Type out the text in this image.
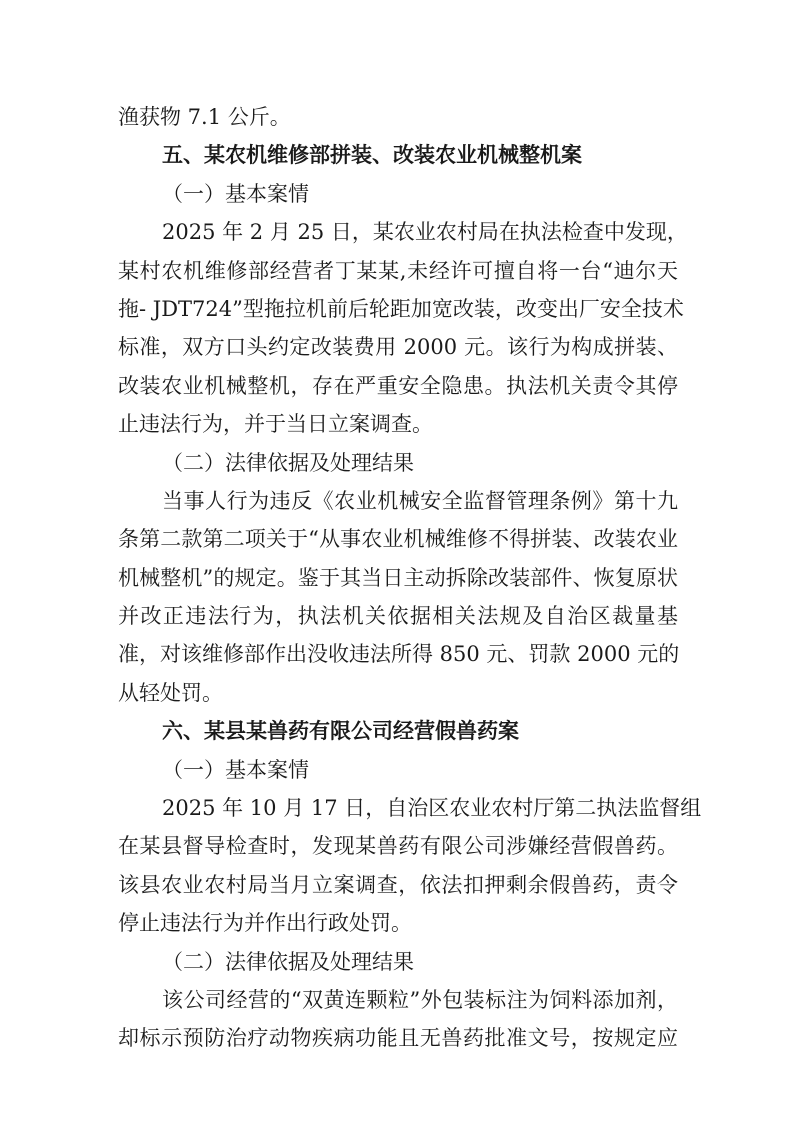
渔获物 7.1 公斤。
五、某农机维修部拼装、改装农业机械整机案
（一）基本案情
2025 年 2 月 25 日，某农业农村局在执法检查中发现，
某村农机维修部经营者丁某某,未经许可擅自将一台“迪尔天
拖- JDT724”型拖拉机前后轮距加宽改装，改变出厂安全技术
标准，双方口头约定改装费用 2000 元。该行为构成拼装、
改装农业机械整机，存在严重安全隐患。执法机关责令其停
止违法行为，并于当日立案调查。
（二）法律依据及处理结果
当事人行为违反《农业机械安全监督管理条例》第十九
条第二款第二项关于“从事农业机械维修不得拼装、改装农业
机械整机”的规定。鉴于其当日主动拆除改装部件、恢复原状
并改正违法行为，执法机关依据相关法规及自治区裁量基
准，对该维修部作出没收违法所得 850 元、罚款 2000 元的
从轻处罚。
六、某县某兽药有限公司经营假兽药案
（一）基本案情
2025 年 10 月 17 日，自治区农业农村厅第二执法监督组
在某县督导检查时，发现某兽药有限公司涉嫌经营假兽药。
该县农业农村局当月立案调查，依法扣押剩余假兽药，责令
停止违法行为并作出行政处罚。
（二）法律依据及处理结果
该公司经营的“双黄连颗粒”外包装标注为饲料添加剂，
却标示预防治疗动物疾病功能且无兽药批准文号，按规定应
